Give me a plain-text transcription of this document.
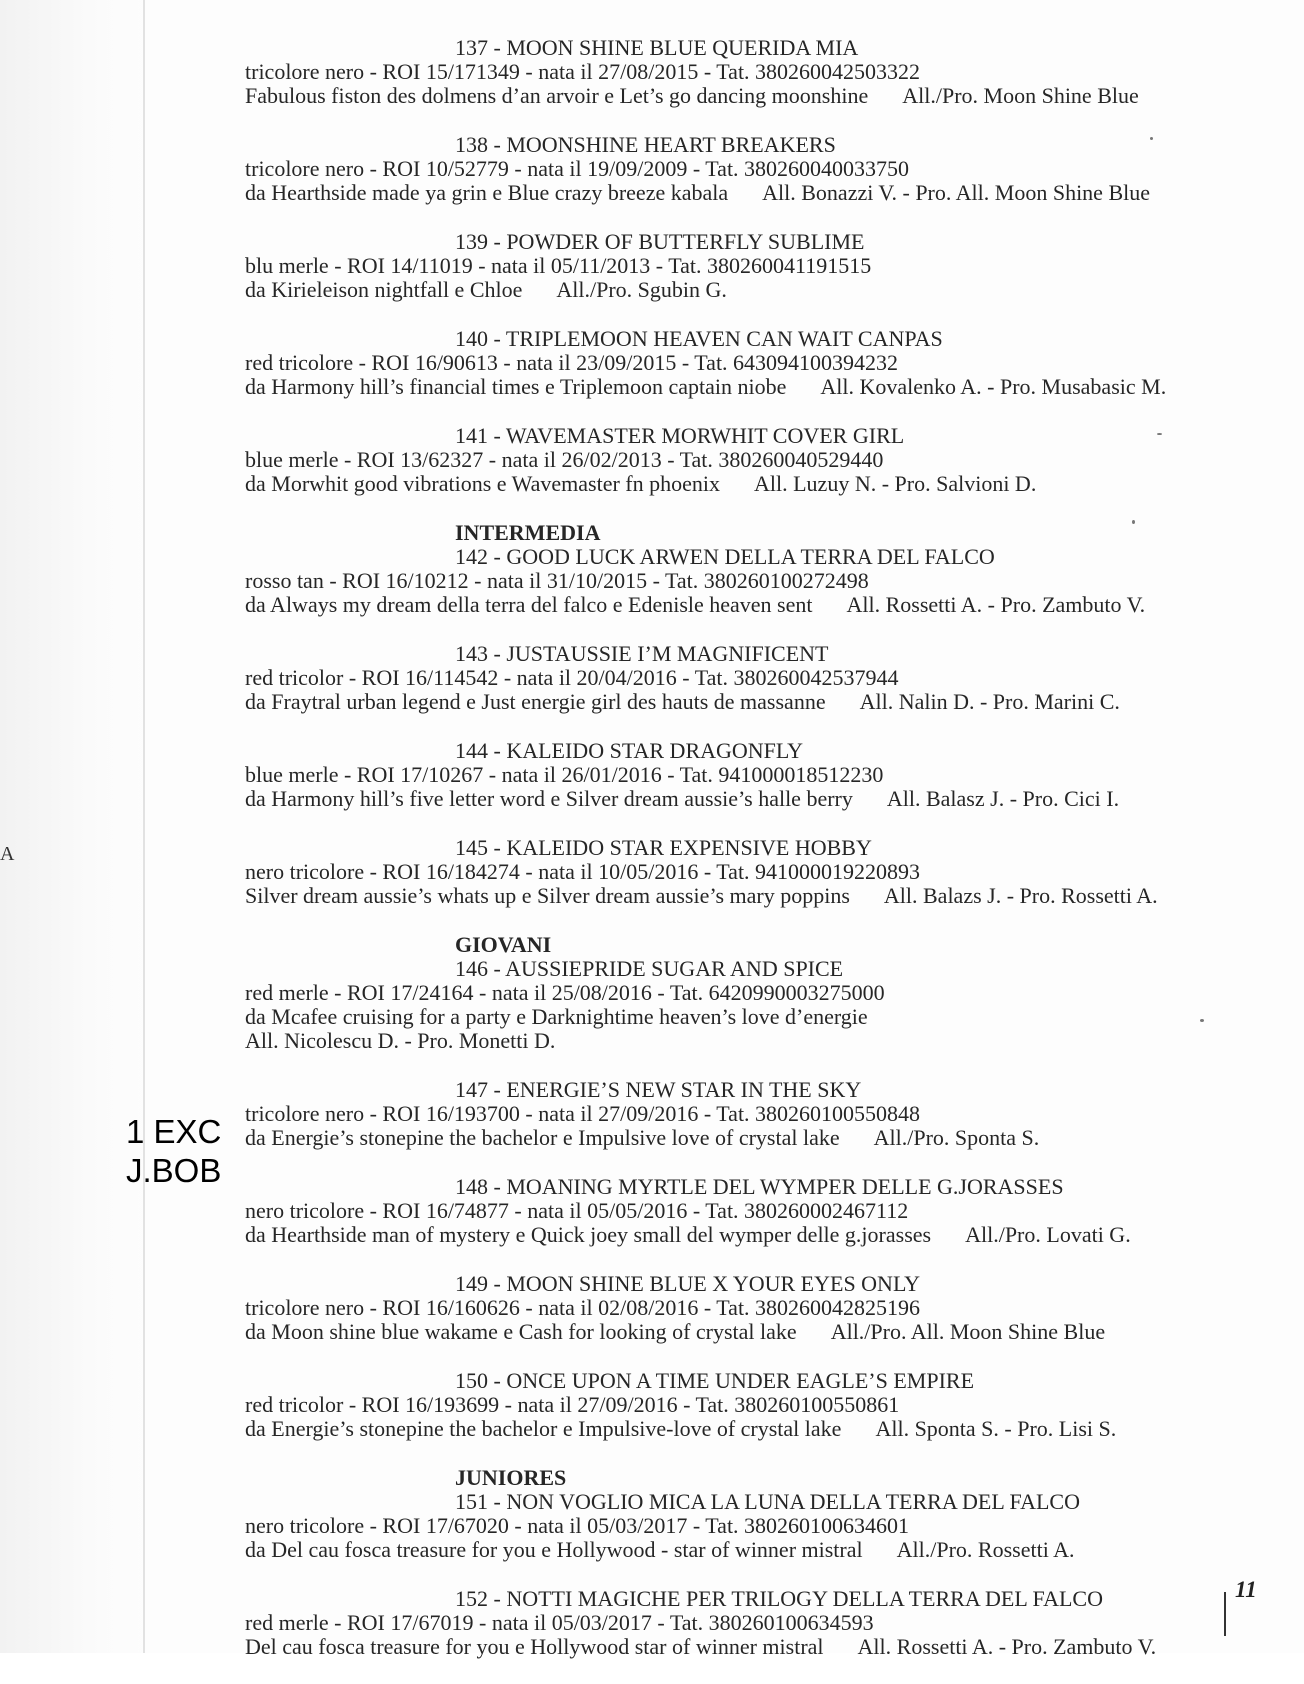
A
137 - MOON SHINE BLUE QUERIDA MIA
tricolore nero - ROI 15/171349 - nata il 27/08/2015 - Tat. 380260042503322
Fabulous fiston des dolmens d’an arvoir e Let’s go dancing moonshine All./Pro. Moon Shine Blue
138 - MOONSHINE HEART BREAKERS
tricolore nero - ROI 10/52779 - nata il 19/09/2009 - Tat. 380260040033750
da Hearthside made ya grin e Blue crazy breeze kabala All. Bonazzi V. - Pro. All. Moon Shine Blue
139 - POWDER OF BUTTERFLY SUBLIME
blu merle - ROI 14/11019 - nata il 05/11/2013 - Tat. 380260041191515
da Kirieleison nightfall e Chloe All./Pro. Sgubin G.
140 - TRIPLEMOON HEAVEN CAN WAIT CANPAS
red tricolore - ROI 16/90613 - nata il 23/09/2015 - Tat. 643094100394232
da Harmony hill’s financial times e Triplemoon captain niobe All. Kovalenko A. - Pro. Musabasic M.
141 - WAVEMASTER MORWHIT COVER GIRL
blue merle - ROI 13/62327 - nata il 26/02/2013 - Tat. 380260040529440
da Morwhit good vibrations e Wavemaster fn phoenix All. Luzuy N. - Pro. Salvioni D.
INTERMEDIA
142 - GOOD LUCK ARWEN DELLA TERRA DEL FALCO
rosso tan - ROI 16/10212 - nata il 31/10/2015 - Tat. 380260100272498
da Always my dream della terra del falco e Edenisle heaven sent All. Rossetti A. - Pro. Zambuto V.
143 - JUSTAUSSIE I’M MAGNIFICENT
red tricolor - ROI 16/114542 - nata il 20/04/2016 - Tat. 380260042537944
da Fraytral urban legend e Just energie girl des hauts de massanne All. Nalin D. - Pro. Marini C.
144 - KALEIDO STAR DRAGONFLY
blue merle - ROI 17/10267 - nata il 26/01/2016 - Tat. 941000018512230
da Harmony hill’s five letter word e Silver dream aussie’s halle berry All. Balasz J. - Pro. Cici I.
145 - KALEIDO STAR EXPENSIVE HOBBY
nero tricolore - ROI 16/184274 - nata il 10/05/2016 - Tat. 941000019220893
Silver dream aussie’s whats up e Silver dream aussie’s mary poppins All. Balazs J. - Pro. Rossetti A.
GIOVANI
146 - AUSSIEPRIDE SUGAR AND SPICE
red merle - ROI 17/24164 - nata il 25/08/2016 - Tat. 6420990003275000
da Mcafee cruising for a party e Darknightime heaven’s love d’energie
All. Nicolescu D. - Pro. Monetti D.
147 - ENERGIE’S NEW STAR IN THE SKY
tricolore nero - ROI 16/193700 - nata il 27/09/2016 - Tat. 380260100550848
da Energie’s stonepine the bachelor e Impulsive love of crystal lake All./Pro. Sponta S.
148 - MOANING MYRTLE DEL WYMPER DELLE G.JORASSES
nero tricolore - ROI 16/74877 - nata il 05/05/2016 - Tat. 380260002467112
da Hearthside man of mystery e Quick joey small del wymper delle g.jorasses All./Pro. Lovati G.
149 - MOON SHINE BLUE X YOUR EYES ONLY
tricolore nero - ROI 16/160626 - nata il 02/08/2016 - Tat. 380260042825196
da Moon shine blue wakame e Cash for looking of crystal lake All./Pro. All. Moon Shine Blue
150 - ONCE UPON A TIME UNDER EAGLE’S EMPIRE
red tricolor - ROI 16/193699 - nata il 27/09/2016 - Tat. 380260100550861
da Energie’s stonepine the bachelor e Impulsive-love of crystal lake All. Sponta S. - Pro. Lisi S.
JUNIORES
151 - NON VOGLIO MICA LA LUNA DELLA TERRA DEL FALCO
nero tricolore - ROI 17/67020 - nata il 05/03/2017 - Tat. 380260100634601
da Del cau fosca treasure for you e Hollywood - star of winner mistral All./Pro. Rossetti A.
152 - NOTTI MAGICHE PER TRILOGY DELLA TERRA DEL FALCO
red merle - ROI 17/67019 - nata il 05/03/2017 - Tat. 380260100634593
Del cau fosca treasure for you e Hollywood star of winner mistral All. Rossetti A. - Pro. Zambuto V.
1 EXC
J.BOB
11
